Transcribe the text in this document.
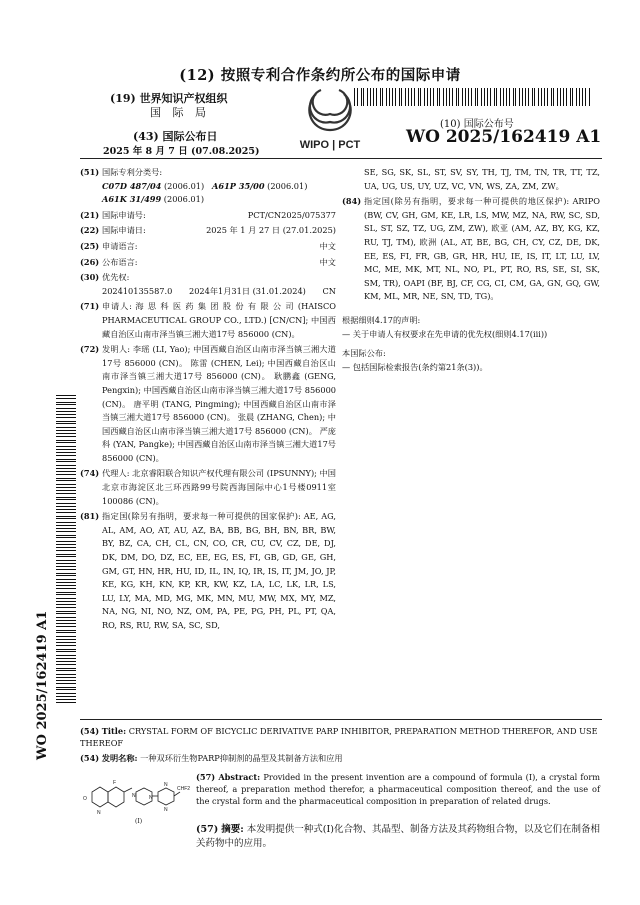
(12) 按照专利合作条约所公布的国际申请
(19) 世界知识产权组织
国 际 局
(43) 国际公布日
2025 年 8 月 7 日 (07.08.2025)
WIPO | PCT
(10) 国际公布号
WO 2025/162419 A1
WO 2025/162419 A1
(51) 国际专利分类号:
C07D 487/04 (2006.01) A61P 35/00 (2006.01)
A61K 31/499 (2006.01)
(21) 国际申请号:	PCT/CN2025/075377
(22) 国际申请日:	2025 年 1 月 27 日 (27.01.2025)
(25) 申请语言:	中文
(26) 公布语言:	中文
(30) 优先权:
202410135587.0 2024年1月31日 (31.01.2024) CN
(71) 申请人: 海 思 科 医 药 集 团 股 份 有 限 公 司 (HAISCO PHARMACEUTICAL GROUP CO., LTD.) [CN/CN]; 中国西藏自治区山南市泽当镇三湘大道17号 856000 (CN)。
(72) 发明人: 李瑶 (LI, Yao); 中国西藏自治区山南市泽当镇三湘大道17号 856000 (CN)。 陈雷 (CHEN, Lei); 中国西藏自治区山南市泽当镇三湘大道17号 856000 (CN)。 耿鹏鑫 (GENG, Pengxin); 中国西藏自治区山南市泽当镇三湘大道17号 856000 (CN)。 唐平明 (TANG, Pingming); 中国西藏自治区山南市泽当镇三湘大道17号 856000 (CN)。 张晨 (ZHANG, Chen); 中国西藏自治区山南市泽当镇三湘大道17号 856000 (CN)。 严庞科 (YAN, Pangke); 中国西藏自治区山南市泽当镇三湘大道17号 856000 (CN)。
(74) 代理人: 北京睿阳联合知识产权代理有限公司 (IPSUNNY); 中国北京市海淀区北三环西路99号院西海国际中心1号楼0911室 100086 (CN)。
(81) 指定国(除另有指明，要求每一种可提供的国家保护): AE, AG, AL, AM, AO, AT, AU, AZ, BA, BB, BG, BH, BN, BR, BW, BY, BZ, CA, CH, CL, CN, CO, CR, CU, CV, CZ, DE, DJ, DK, DM, DO, DZ, EC, EE, EG, ES, FI, GB, GD, GE, GH, GM, GT, HN, HR, HU, ID, IL, IN, IQ, IR, IS, IT, JM, JO, JP, KE, KG, KH, KN, KP, KR, KW, KZ, LA, LC, LK, LR, LS, LU, LY, MA, MD, MG, MK, MN, MU, MW, MX, MY, MZ, NA, NG, NI, NO, NZ, OM, PA, PE, PG, PH, PL, PT, QA, RO, RS, RU, RW, SA, SC, SD,
SE, SG, SK, SL, ST, SV, SY, TH, TJ, TM, TN, TR, TT, TZ, UA, UG, US, UY, UZ, VC, VN, WS, ZA, ZM, ZW。
(84) 指定国(除另有指明，要求每一种可提供的地区保护): ARIPO (BW, CV, GH, GM, KE, LR, LS, MW, MZ, NA, RW, SC, SD, SL, ST, SZ, TZ, UG, ZM, ZW), 欧亚 (AM, AZ, BY, KG, KZ, RU, TJ, TM), 欧洲 (AL, AT, BE, BG, CH, CY, CZ, DE, DK, EE, ES, FI, FR, GB, GR, HR, HU, IE, IS, IT, LT, LU, LV, MC, ME, MK, MT, NL, NO, PL, PT, RO, RS, SE, SI, SK, SM, TR), OAPI (BF, BJ, CF, CG, CI, CM, GA, GN, GQ, GW, KM, ML, MR, NE, SN, TD, TG)。
根据细则4.17的声明:
— 关于申请人有权要求在先申请的优先权(细则4.17(iii))
本国际公布:
— 包括国际检索报告(条约第21条(3))。
(54) Title: CRYSTAL FORM OF BICYCLIC DERIVATIVE PARP INHIBITOR, PREPARATION METHOD THEREFOR, AND USE THEREOF
(54) 发明名称: 一种双环衍生物PARP抑制剂的晶型及其制备方法和应用
O
N
F
N	N
N
N
CHF2
(I)
(57) Abstract: Provided in the present invention are a compound of formula (I), a crystal form thereof, a preparation method therefor, a pharmaceutical composition thereof, and the use of the crystal form and the pharmaceutical composition in preparation of related drugs.
(57) 摘要: 本发明提供一种式(I)化合物、其晶型、制备方法及其药物组合物，以及它们在制备相关药物中的应用。
